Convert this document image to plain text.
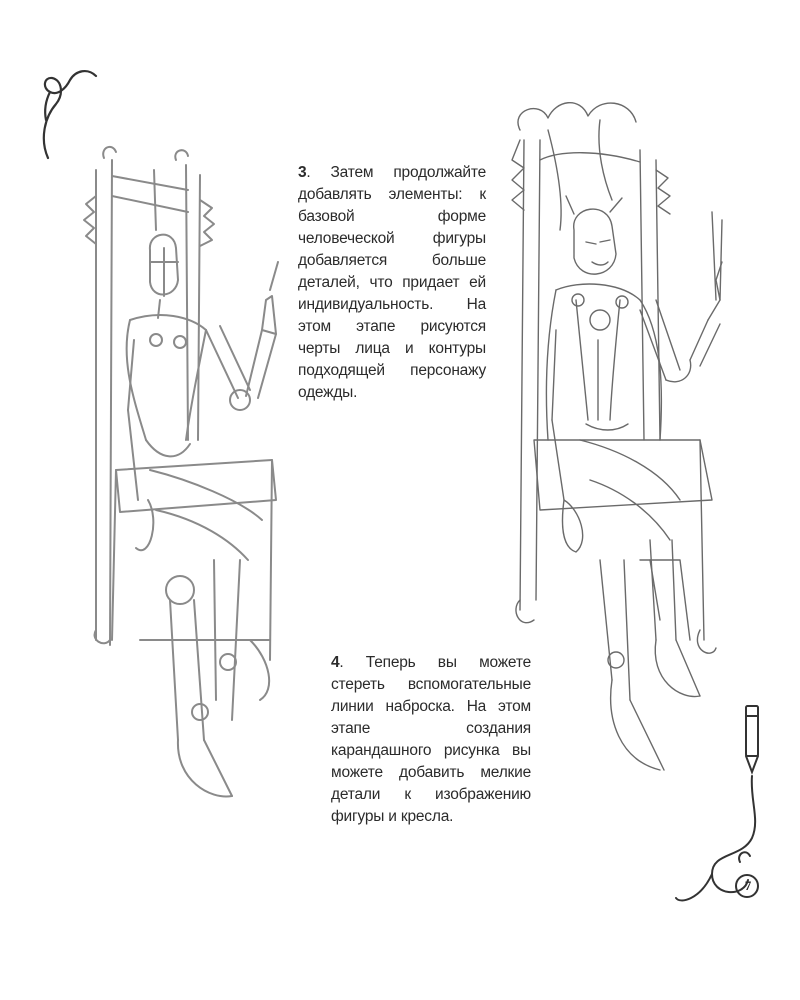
7

3. Затем продолжайте добавлять элементы: к базовой форме человеческой фигуры добавляется больше деталей, что придает ей индивидуальность. На этом этапе рисуются черты лица и контуры подходящей персонажу одежды.

4. Теперь вы можете стереть вспомогательные линии наброска. На этом этапе создания карандашного рисунка вы можете добавить мелкие детали к изображению фигуры и кресла.
